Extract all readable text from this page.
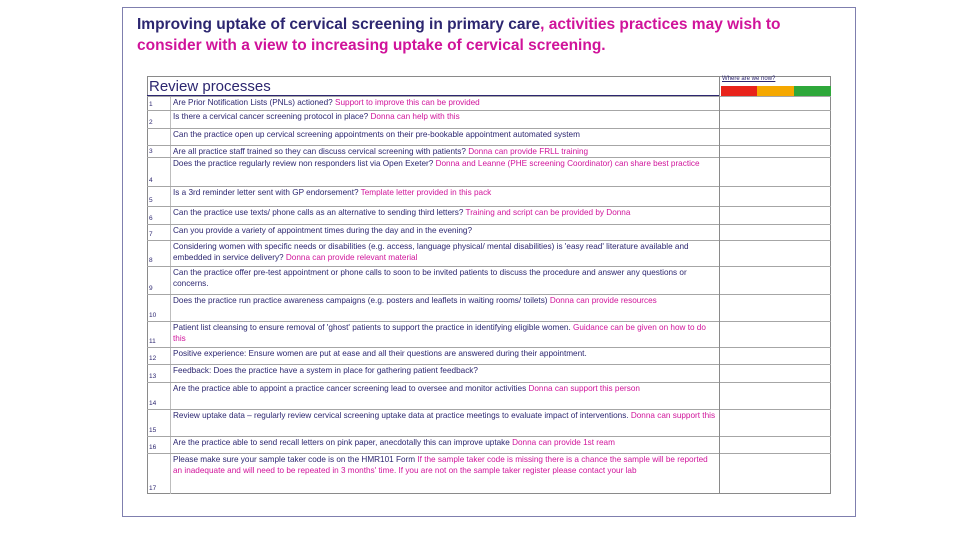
Improving uptake of cervical screening in primary care, activities practices may wish to consider with a view to increasing uptake of cervical screening.
Review processes	Where are we now?
1 Are Prior Notification Lists (PNLs) actioned? Support to improve this can be provided
2
Is there a cervical cancer screening protocol in place? Donna can help with this
Can the practice open up cervical screening appointments on their pre-bookable appointment automated system
3 Are all practice staff trained so they can discuss cervical screening with patients? Donna can provide FRLL training
4
Does the practice regularly review non responders list via Open Exeter? Donna and Leanne (PHE screening Coordinator) can share best practice
5
Is a 3rd reminder letter sent with GP endorsement? Template letter provided in this pack
6
Can the practice use texts/ phone calls as an alternative to sending third letters? Training and script can be provided by Donna
7 Can you provide a variety of appointment times during the day and in the evening?
8
Considering women with specific needs or disabilities (e.g. access, language physical/ mental disabilities) is 'easy read' literature available and embedded in service delivery? Donna can provide relevant material
9
Can the practice offer pre-test appointment or phone calls to soon to be invited patients to discuss the procedure and answer any questions or concerns.
10
Does the practice run practice awareness campaigns (e.g. posters and leaflets in waiting rooms/ toilets) Donna can provide resources
11
Patient list cleansing to ensure removal of 'ghost' patients to support the practice in identifying eligible women. Guidance can be given on how to do this
12
Positive experience: Ensure women are put at ease and all their questions are answered during their appointment.
13
Feedback: Does the practice have a system in place for gathering patient feedback?
14
Are the practice able to appoint a practice cancer screening lead to oversee and monitor activities Donna can support this person
15
Review uptake data – regularly review cervical screening uptake data at practice meetings to evaluate impact of interventions. Donna can support this
16
Are the practice able to send recall letters on pink paper, anecdotally this can improve uptake Donna can provide 1st ream
17
Please make sure your sample taker code is on the HMR101 Form If the sample taker code is missing there is a chance the sample will be reported an inadequate and will need to be repeated in 3 months' time. If you are not on the sample taker register please contact your lab
